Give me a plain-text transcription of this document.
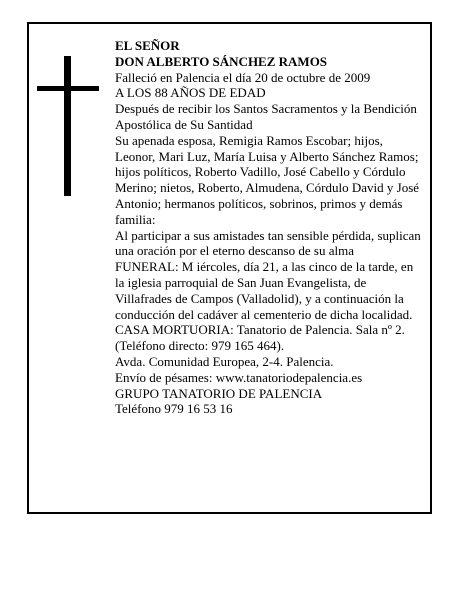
EL SEÑOR

DON ALBERTO SÁNCHEZ RAMOS

Falleció en Palencia el día 20 de octubre de 2009

A LOS 88 AÑOS DE EDAD

Después de recibir los Santos Sacramentos y la Bendición Apostólica de Su Santidad

Su apenada esposa, Remigia Ramos Escobar; hijos, Leonor, Mari Luz, María Luisa y Alberto Sánchez Ramos; hijos políticos, Roberto Vadillo, José Cabello y Córdulo Merino; nietos, Roberto, Almudena, Córdulo David y José Antonio; hermanos políticos, sobrinos, primos y demás familia:

Al participar a sus amistades tan sensible pérdida, suplican una oración por el eterno descanso de su alma

FUNERAL: M iércoles, día 21, a las cinco de la tarde, en la iglesia parroquial de San Juan Evangelista, de Villafrades de Campos (Valladolid), y a continuación la conducción del cadáver al cementerio de dicha localidad.

CASA MORTUORIA: Tanatorio de Palencia. Sala nº 2. (Teléfono directo: 979 165 464).

Avda. Comunidad Europea, 2-4. Palencia.

Envío de pésames: www.tanatoriodepalencia.es

GRUPO TANATORIO DE PALENCIA

Teléfono 979 16 53 16
